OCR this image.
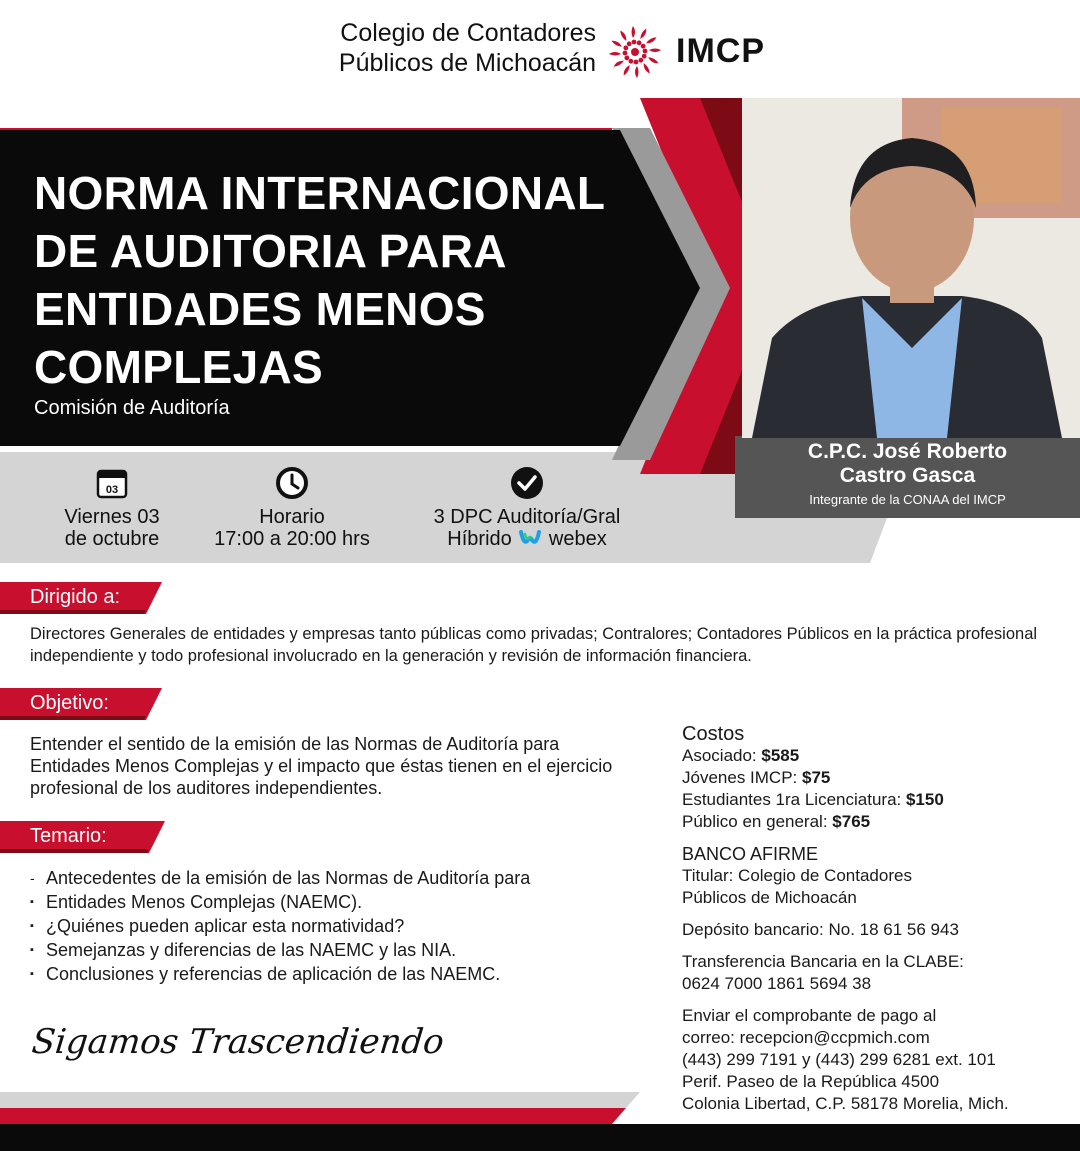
Colegio de Contadores
Públicos de Michoacán IMCP
NORMA INTERNACIONAL
DE AUDITORIA PARA
ENTIDADES MENOS
COMPLEJAS
Comisión de Auditoría
C.P.C. José Roberto
Castro Gasca
Integrante de la CONAA del IMCP
03
Viernes 03
de octubre
Horario
17:00 a 20:00 hrs
3 DPC Auditoría/Gral
Híbrido webex
Dirigido a:
Directores Generales de entidades y empresas tanto públicas como privadas; Contralores; Contadores Públicos en la práctica profesional independiente y todo profesional involucrado en la generación y revisión de información financiera.
Objetivo:
Entender el sentido de la emisión de las Normas de Auditoría para Entidades Menos Complejas y el impacto que éstas tienen en el ejercicio profesional de los auditores independientes.
Temario:
- Antecedentes de la emisión de las Normas de Auditoría para
▪ Entidades Menos Complejas (NAEMC).
▪ ¿Quiénes pueden aplicar esta normatividad?
▪ Semejanzas y diferencias de las NAEMC y las NIA.
▪ Conclusiones y referencias de aplicación de las NAEMC.
Sigamos Trascendiendo
Costos
Asociado: $585
Jóvenes IMCP: $75
Estudiantes 1ra Licenciatura: $150
Público en general: $765
BANCO AFIRME
Titular: Colegio de Contadores
Públicos de Michoacán
Depósito bancario: No. 18 61 56 943
Transferencia Bancaria en la CLABE:
0624 7000 1861 5694 38
Enviar el comprobante de pago al
correo: recepcion@ccpmich.com
(443) 299 7191 y (443) 299 6281 ext. 101
Perif. Paseo de la República 4500
Colonia Libertad, C.P. 58178 Morelia, Mich.
